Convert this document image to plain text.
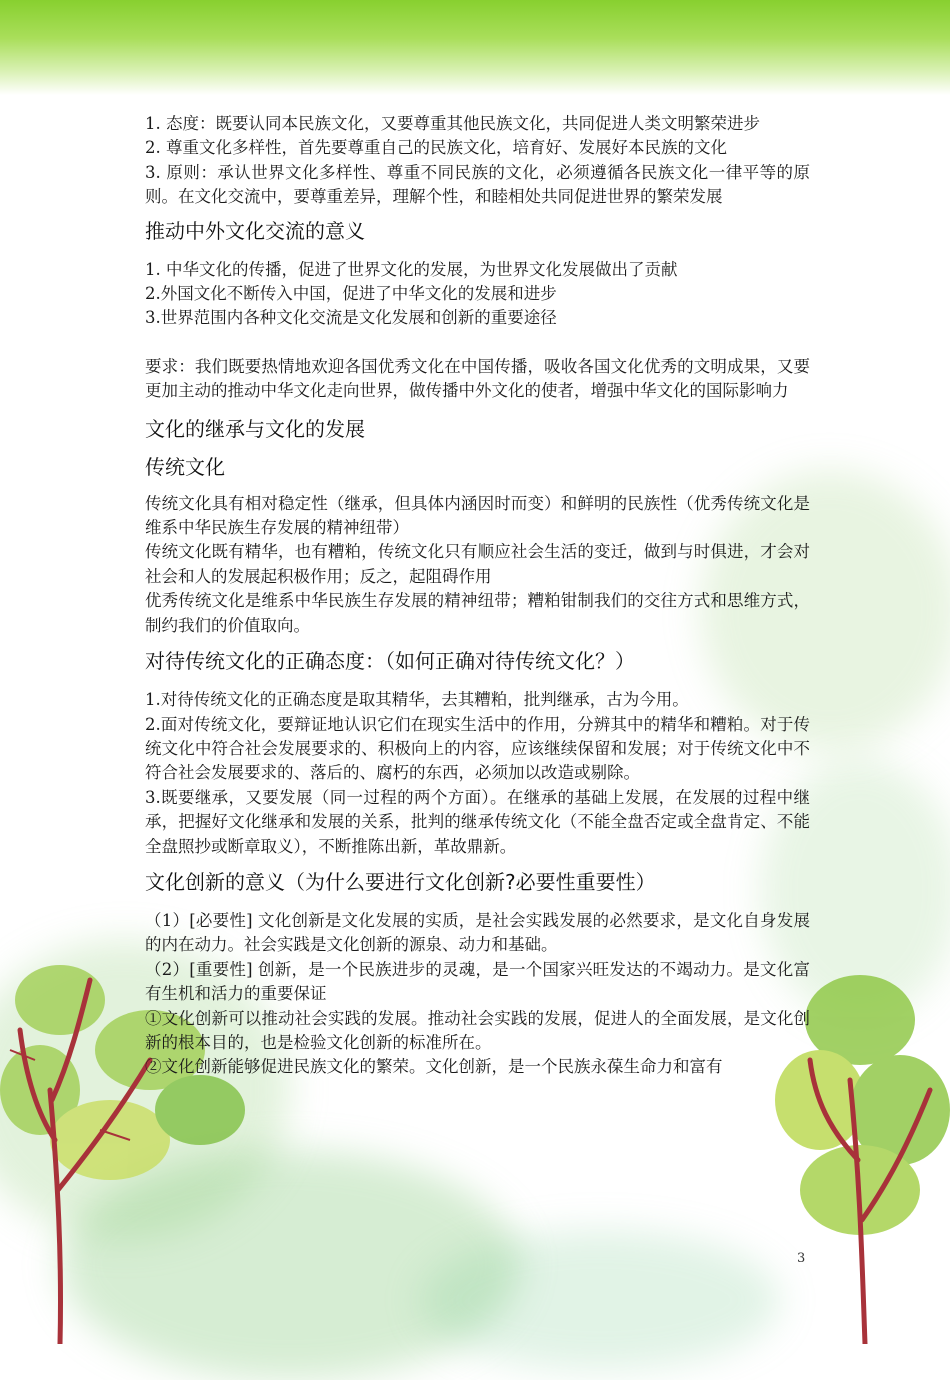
1. 态度：既要认同本民族文化，又要尊重其他民族文化，共同促进人类文明繁荣进步

2. 尊重文化多样性，首先要尊重自己的民族文化，培育好、发展好本民族的文化

3. 原则：承认世界文化多样性、尊重不同民族的文化，必须遵循各民族文化一律平等的原则。在文化交流中，要尊重差异，理解个性，和睦相处共同促进世界的繁荣发展

推动中外文化交流的意义

1. 中华文化的传播，促进了世界文化的发展，为世界文化发展做出了贡献

2.外国文化不断传入中国，促进了中华文化的发展和进步

3.世界范围内各种文化交流是文化发展和创新的重要途径

要求：我们既要热情地欢迎各国优秀文化在中国传播，吸收各国文化优秀的文明成果，又要更加主动的推动中华文化走向世界，做传播中外文化的使者，增强中华文化的国际影响力

文化的继承与文化的发展
传统文化

传统文化具有相对稳定性（继承，但具体内涵因时而变）和鲜明的民族性（优秀传统文化是维系中华民族生存发展的精神纽带）

传统文化既有精华，也有糟粕，传统文化只有顺应社会生活的变迁，做到与时俱进，才会对社会和人的发展起积极作用；反之，起阻碍作用

优秀传统文化是维系中华民族生存发展的精神纽带；糟粕钳制我们的交往方式和思维方式，制约我们的价值取向。

对待传统文化的正确态度：（如何正确对待传统文化？）

1.对待传统文化的正确态度是取其精华，去其糟粕，批判继承，古为今用。

2.面对传统文化，要辩证地认识它们在现实生活中的作用，分辨其中的精华和糟粕。对于传统文化中符合社会发展要求的、积极向上的内容，应该继续保留和发展；对于传统文化中不符合社会发展要求的、落后的、腐朽的东西，必须加以改造或剔除。

3.既要继承，又要发展（同一过程的两个方面）。在继承的基础上发展，在发展的过程中继承，把握好文化继承和发展的关系，批判的继承传统文化（不能全盘否定或全盘肯定、不能全盘照抄或断章取义），不断推陈出新，革故鼎新。

文化创新的意义（为什么要进行文化创新?必要性重要性）

（1）[必要性] 文化创新是文化发展的实质，是社会实践发展的必然要求，是文化自身发展的内在动力。社会实践是文化创新的源泉、动力和基础。

（2）[重要性] 创新，是一个民族进步的灵魂，是一个国家兴旺发达的不竭动力。是文化富有生机和活力的重要保证

①文化创新可以推动社会实践的发展。推动社会实践的发展，促进人的全面发展，是文化创新的根本目的，也是检验文化创新的标准所在。

②文化创新能够促进民族文化的繁荣。文化创新，是一个民族永葆生命力和富有

3
